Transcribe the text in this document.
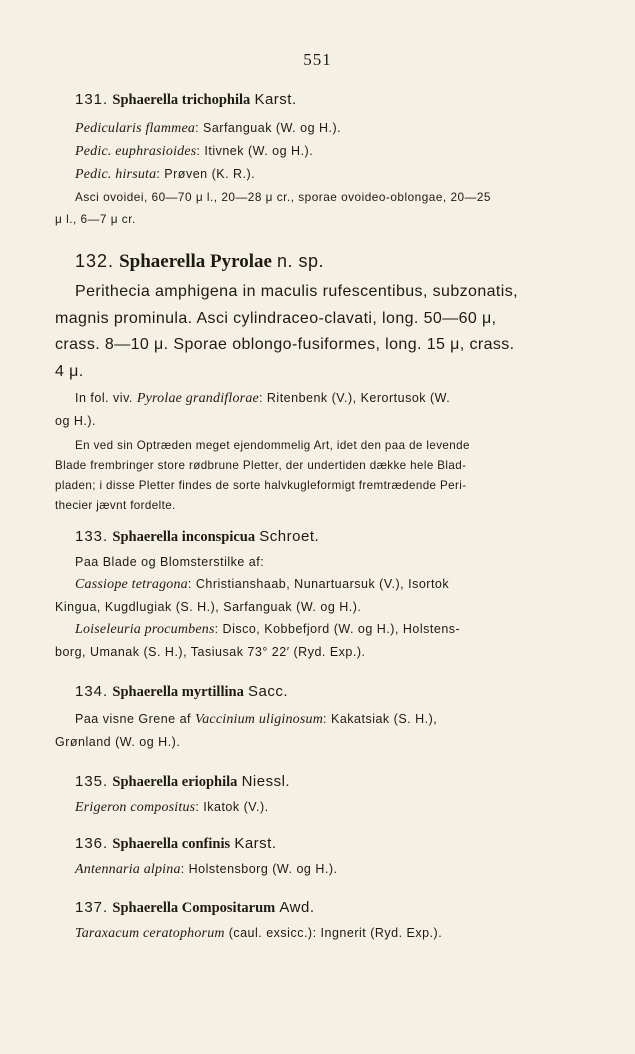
551
131. Sphaerella trichophila Karst.
Pedicularis flammea: Sarfanguak (W. og H.).
Pedic. euphrasioides: Itivnek (W. og H.).
Pedic. hirsuta: Prøven (K. R.).
Asci ovoidei, 60—70 μ l., 20—28 μ cr., sporae ovoideo-oblongae, 20—25
μ l., 6—7 μ cr.
132. Sphaerella Pyrolae n. sp.
Perithecia amphigena in maculis rufescentibus, subzonatis,
magnis prominula. Asci cylindraceo-clavati, long. 50—60 μ,
crass. 8—10 μ. Sporae oblongo-fusiformes, long. 15 μ, crass.
4 μ.
In fol. viv. Pyrolae grandiflorae: Ritenbenk (V.), Kerortusok (W.
og H.).
En ved sin Optræden meget ejendommelig Art, idet den paa de levende
Blade frembringer store rødbrune Pletter, der undertiden dække hele Blad-
pladen; i disse Pletter findes de sorte halvkugleformigt fremtrædende Peri-
thecier jævnt fordelte.
133. Sphaerella inconspicua Schroet.
Paa Blade og Blomsterstilke af:
Cassiope tetragona: Christianshaab, Nunartuarsuk (V.), Isortok
Kingua, Kugdlugiak (S. H.), Sarfanguak (W. og H.).
Loiseleuria procumbens: Disco, Kobbefjord (W. og H.), Holstens-
borg, Umanak (S. H.), Tasiusak 73° 22′ (Ryd. Exp.).
134. Sphaerella myrtillina Sacc.
Paa visne Grene af Vaccinium uliginosum: Kakatsiak (S. H.),
Grønland (W. og H.).
135. Sphaerella eriophila Niessl.
Erigeron compositus: Ikatok (V.).
136. Sphaerella confinis Karst.
Antennaria alpina: Holstensborg (W. og H.).
137. Sphaerella Compositarum Awd.
Taraxacum ceratophorum (caul. exsicc.): Ingnerit (Ryd. Exp.).
